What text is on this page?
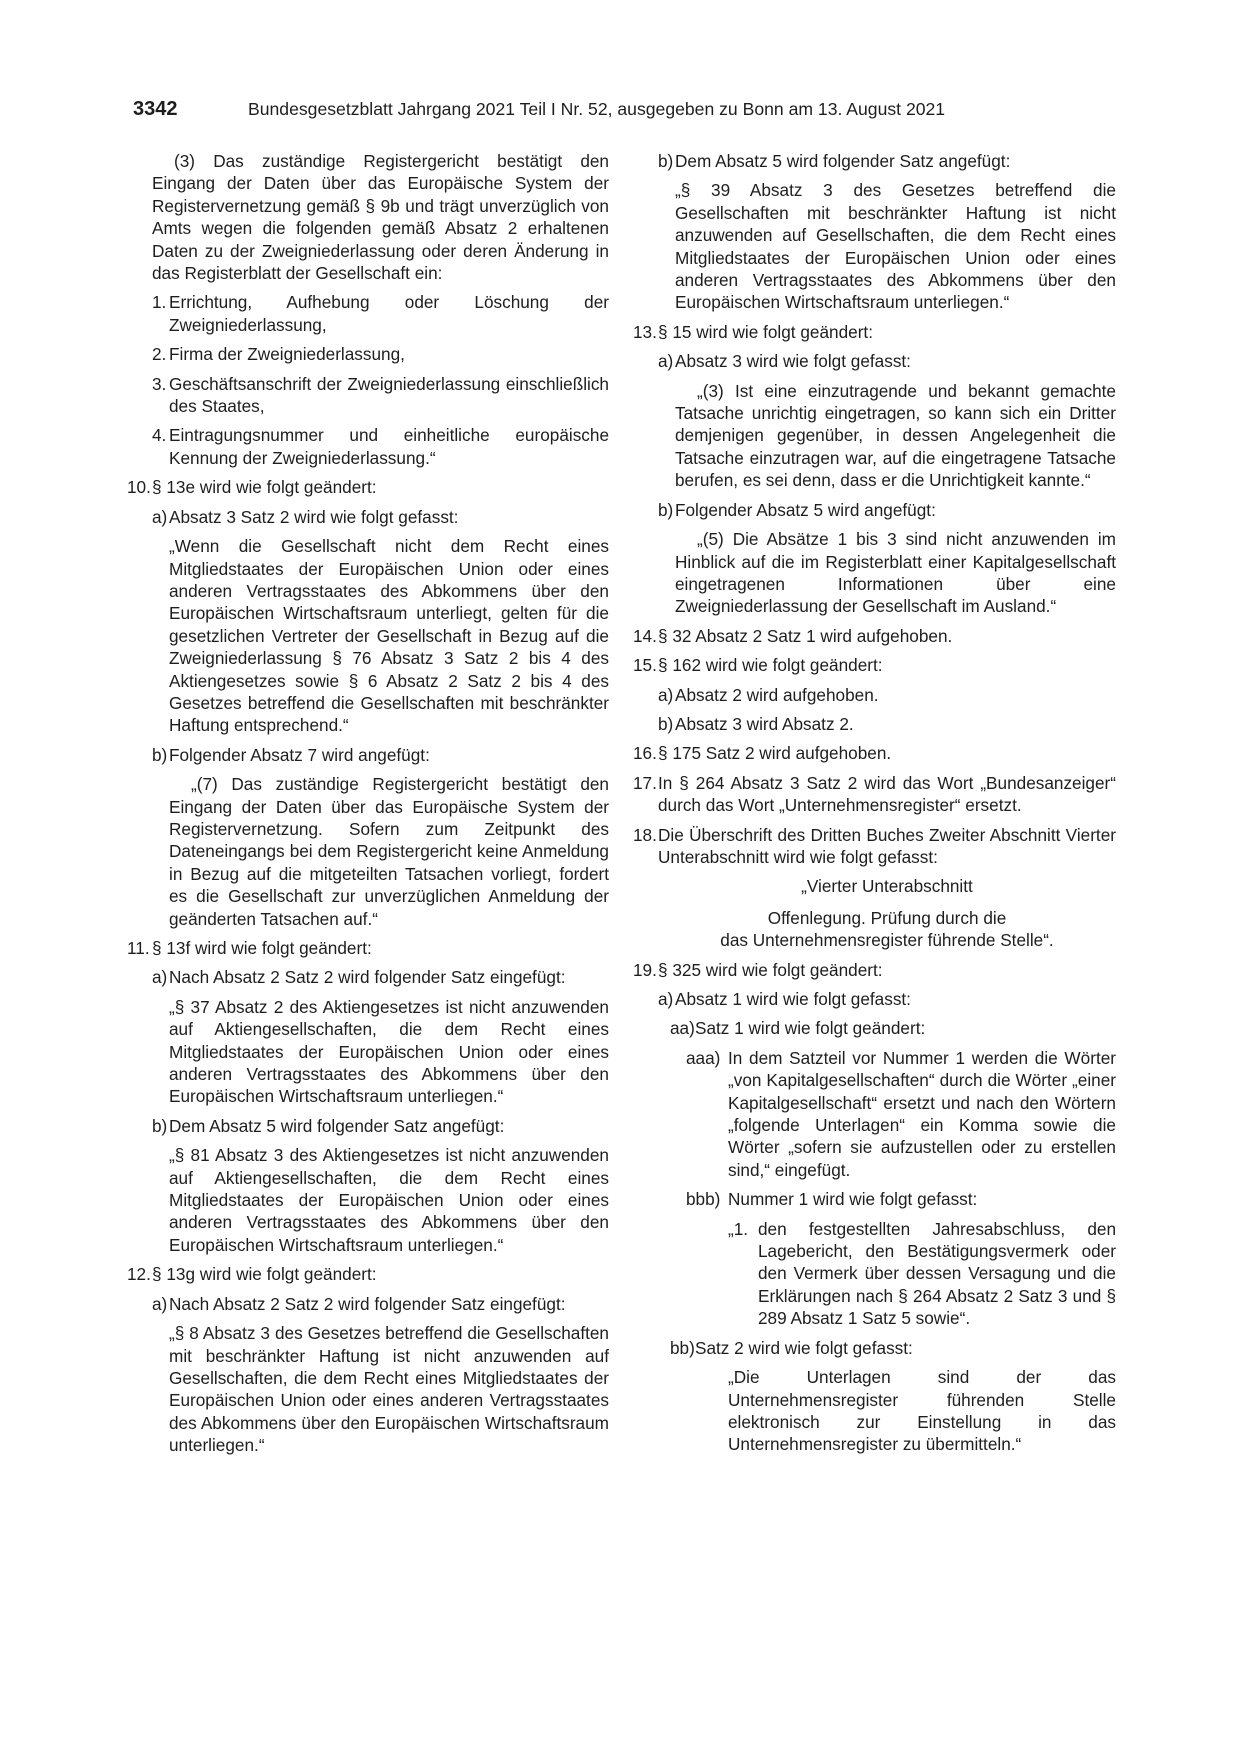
3342	Bundesgesetzblatt Jahrgang 2021 Teil I Nr. 52, ausgegeben zu Bonn am 13. August 2021

(3) Das zuständige Registergericht bestätigt den Eingang der Daten über das Europäische System der Registervernetzung gemäß § 9b und trägt unverzüglich von Amts wegen die folgenden gemäß Absatz 2 erhaltenen Daten zu der Zweigniederlassung oder deren Änderung in das Registerblatt der Gesellschaft ein:

1. Errichtung, Aufhebung oder Löschung der Zweigniederlassung,
2. Firma der Zweigniederlassung,
3. Geschäftsanschrift der Zweigniederlassung einschließlich des Staates,
4. Eintragungsnummer und einheitliche europäische Kennung der Zweigniederlassung.“
10. § 13e wird wie folgt geändert:
a) Absatz 3 Satz 2 wird wie folgt gefasst:

„Wenn die Gesellschaft nicht dem Recht eines Mitgliedstaates der Europäischen Union oder eines anderen Vertragsstaates des Abkommens über den Europäischen Wirtschaftsraum unterliegt, gelten für die gesetzlichen Vertreter der Gesellschaft in Bezug auf die Zweigniederlassung § 76 Absatz 3 Satz 2 bis 4 des Aktiengesetzes sowie § 6 Absatz 2 Satz 2 bis 4 des Gesetzes betreffend die Gesellschaften mit beschränkter Haftung entsprechend.“

b) Folgender Absatz 7 wird angefügt:

„(7) Das zuständige Registergericht bestätigt den Eingang der Daten über das Europäische System der Registervernetzung. Sofern zum Zeitpunkt des Dateneingangs bei dem Registergericht keine Anmeldung in Bezug auf die mitgeteilten Tatsachen vorliegt, fordert es die Gesellschaft zur unverzüglichen Anmeldung der geänderten Tatsachen auf.“

11. § 13f wird wie folgt geändert:
a) Nach Absatz 2 Satz 2 wird folgender Satz eingefügt:

„§ 37 Absatz 2 des Aktiengesetzes ist nicht anzuwenden auf Aktiengesellschaften, die dem Recht eines Mitgliedstaates der Europäischen Union oder eines anderen Vertragsstaates des Abkommens über den Europäischen Wirtschaftsraum unterliegen.“

b) Dem Absatz 5 wird folgender Satz angefügt:

„§ 81 Absatz 3 des Aktiengesetzes ist nicht anzuwenden auf Aktiengesellschaften, die dem Recht eines Mitgliedstaates der Europäischen Union oder eines anderen Vertragsstaates des Abkommens über den Europäischen Wirtschaftsraum unterliegen.“

12. § 13g wird wie folgt geändert:
a) Nach Absatz 2 Satz 2 wird folgender Satz eingefügt:

„§ 8 Absatz 3 des Gesetzes betreffend die Gesellschaften mit beschränkter Haftung ist nicht anzuwenden auf Gesellschaften, die dem Recht eines Mitgliedstaates der Europäischen Union oder eines anderen Vertragsstaates des Abkommens über den Europäischen Wirtschaftsraum unterliegen.“

b) Dem Absatz 5 wird folgender Satz angefügt:

„§ 39 Absatz 3 des Gesetzes betreffend die Gesellschaften mit beschränkter Haftung ist nicht anzuwenden auf Gesellschaften, die dem Recht eines Mitgliedstaates der Europäischen Union oder eines anderen Vertragsstaates des Abkommens über den Europäischen Wirtschaftsraum unterliegen.“

13. § 15 wird wie folgt geändert:
a) Absatz 3 wird wie folgt gefasst:

„(3) Ist eine einzutragende und bekannt gemachte Tatsache unrichtig eingetragen, so kann sich ein Dritter demjenigen gegenüber, in dessen Angelegenheit die Tatsache einzutragen war, auf die eingetragene Tatsache berufen, es sei denn, dass er die Unrichtigkeit kannte.“

b) Folgender Absatz 5 wird angefügt:

„(5) Die Absätze 1 bis 3 sind nicht anzuwenden im Hinblick auf die im Registerblatt einer Kapitalgesellschaft eingetragenen Informationen über eine Zweigniederlassung der Gesellschaft im Ausland.“

14. § 32 Absatz 2 Satz 1 wird aufgehoben.
15. § 162 wird wie folgt geändert:
a) Absatz 2 wird aufgehoben.
b) Absatz 3 wird Absatz 2.
16. § 175 Satz 2 wird aufgehoben.
17. In § 264 Absatz 3 Satz 2 wird das Wort „Bundesanzeiger“ durch das Wort „Unternehmensregister“ ersetzt.
18. Die Überschrift des Dritten Buches Zweiter Abschnitt Vierter Unterabschnitt wird wie folgt gefasst:

„Vierter Unterabschnitt

Offenlegung. Prüfung durch die

das Unternehmensregister führende Stelle“.

19. § 325 wird wie folgt geändert:
a) Absatz 1 wird wie folgt gefasst:
aa) Satz 1 wird wie folgt geändert:
aaa) In dem Satzteil vor Nummer 1 werden die Wörter „von Kapitalgesellschaften“ durch die Wörter „einer Kapitalgesellschaft“ ersetzt und nach den Wörtern „folgende Unterlagen“ ein Komma sowie die Wörter „sofern sie aufzustellen oder zu erstellen sind,“ eingefügt.
bbb) Nummer 1 wird wie folgt gefasst:
„1. den festgestellten Jahresabschluss, den Lagebericht, den Bestätigungsvermerk oder den Vermerk über dessen Versagung und die Erklärungen nach § 264 Absatz 2 Satz 3 und § 289 Absatz 1 Satz 5 sowie“.
bb) Satz 2 wird wie folgt gefasst:

„Die Unterlagen sind der das Unternehmensregister führenden Stelle elektronisch zur Einstellung in das Unternehmensregister zu übermitteln.“
